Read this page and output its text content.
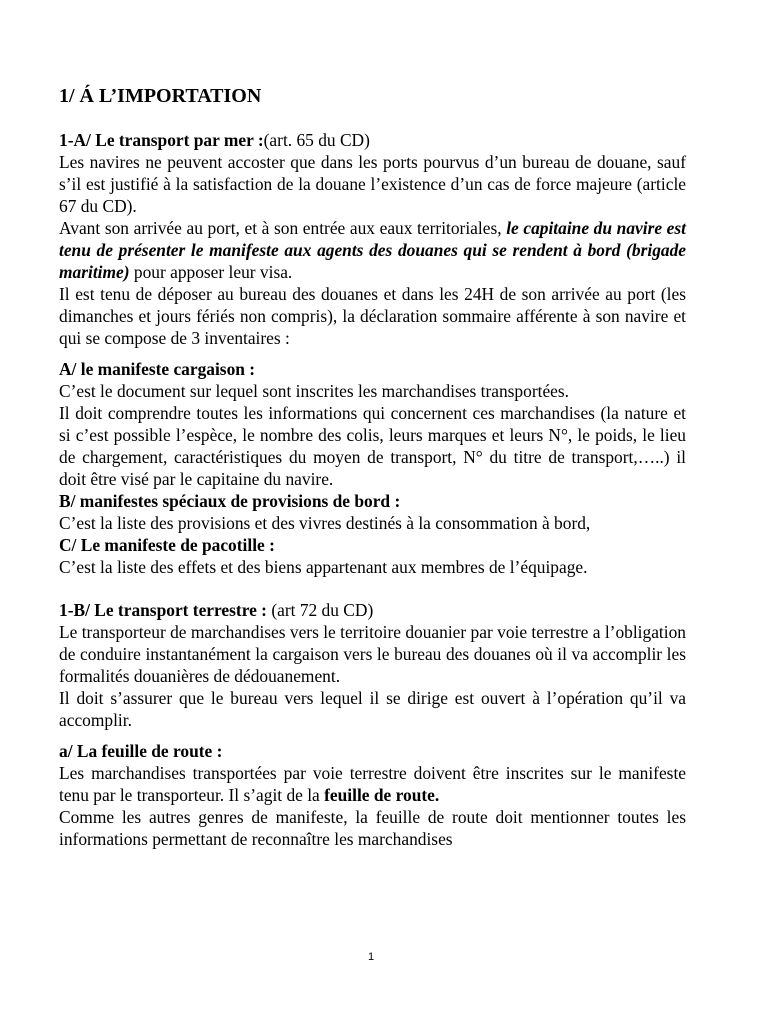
1/ Á L’IMPORTATION

1-A/ Le transport par mer :(art. 65 du CD)

Les navires ne peuvent accoster que dans les ports pourvus d’un bureau de douane, sauf s’il est justifié à la satisfaction de la douane l’existence d’un cas de force majeure (article 67 du CD).

Avant son arrivée au port, et à son entrée aux eaux territoriales, le capitaine du navire est tenu de présenter le manifeste aux agents des douanes qui se rendent à bord (brigade maritime) pour apposer leur visa.

Il est tenu de déposer au bureau des douanes et dans les 24H de son arrivée au port (les dimanches et jours fériés non compris), la déclaration sommaire afférente à son navire et qui se compose de 3 inventaires :

A/ le manifeste cargaison :

C’est le document sur lequel sont inscrites les marchandises transportées.

Il doit comprendre toutes les informations qui concernent ces marchandises (la nature et si c’est possible l’espèce, le nombre des colis, leurs marques et leurs N°, le poids, le lieu de chargement, caractéristiques du moyen de transport, N° du titre de transport,…..) il doit être visé par le capitaine du navire.

B/ manifestes spéciaux de provisions de bord :

C’est la liste des provisions et des vivres destinés à la consommation à bord,

C/ Le manifeste de pacotille :

C’est la liste des effets et des biens appartenant aux membres de l’équipage.

1-B/ Le transport terrestre : (art 72 du CD)

Le transporteur de marchandises vers le territoire douanier par voie terrestre a l’obligation de conduire instantanément la cargaison vers le bureau des douanes où il va accomplir les formalités douanières de dédouanement.

Il doit s’assurer que le bureau vers lequel il se dirige est ouvert à l’opération qu’il va accomplir.

a/ La feuille de route :

Les marchandises transportées par voie terrestre doivent être inscrites sur le manifeste tenu par le transporteur. Il s’agit de la feuille de route.

Comme les autres genres de manifeste, la feuille de route doit mentionner toutes les informations permettant de reconnaître les marchandises

1
